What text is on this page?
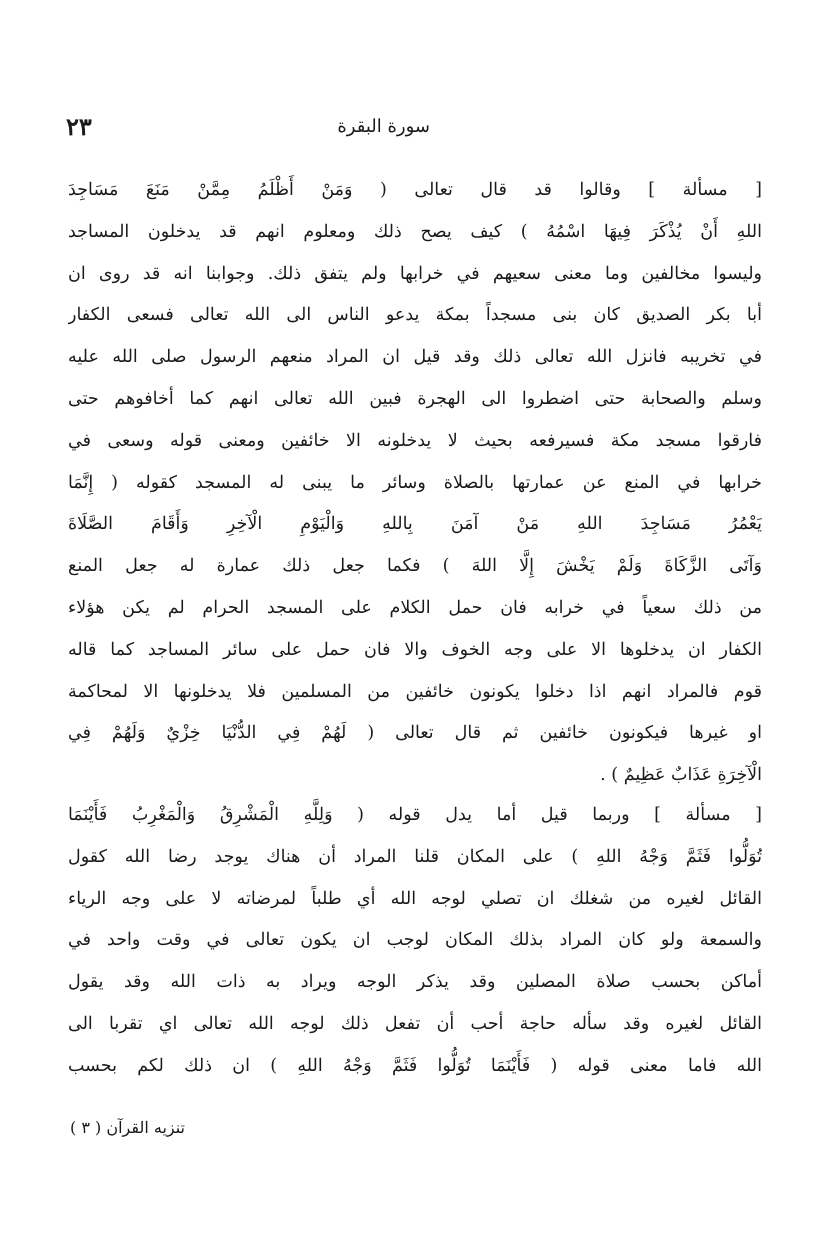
سورة البقرة
٢٣
[ مسألة ] وقالوا قد قال تعالى ( وَمَنْ أَظْلَمُ مِمَّنْ مَنَعَ مَسَاجِدَ
اللهِ أَنْ يُذْكَرَ فِيهَا اسْمُهُ ) كيف يصح ذلك ومعلوم انهم قد يدخلون المساجد
وليسوا مخالفين وما معنى سعيهم في خرابها ولم يتفق ذلك. وجوابنا انه قد روى ان
أبا بكر الصديق كان بنى مسجداً بمكة يدعو الناس الى الله تعالى فسعى الكفار
في تخريبه فانزل الله تعالى ذلك وقد قيل ان المراد منعهم الرسول صلى الله عليه
وسلم والصحابة حتى اضطروا الى الهجرة فبين الله تعالى انهم كما أخافوهم حتى
فارقوا مسجد مكة فسيرفعه بحيث لا يدخلونه الا خائفين ومعنى قوله وسعى في
خرابها في المنع عن عمارتها بالصلاة وسائر ما يبنى له المسجد كقوله ( إِنَّمَا
يَعْمُرُ مَسَاجِدَ اللهِ مَنْ آمَنَ بِاللهِ وَالْيَوْمِ الْآخِرِ وَأَقَامَ الصَّلَاةَ
وَآتَى الزَّكَاةَ وَلَمْ يَخْشَ إِلَّا اللهَ ) فكما جعل ذلك عمارة له جعل المنع
من ذلك سعياً في خرابه فان حمل الكلام على المسجد الحرام لم يكن هؤلاء
الكفار ان يدخلوها الا على وجه الخوف والا فان حمل على سائر المساجد كما قاله
قوم فالمراد انهم اذا دخلوا يكونون خائفين من المسلمين فلا يدخلونها الا لمحاكمة
او غيرها فيكونون خائفين ثم قال تعالى ( لَهُمْ فِي الدُّنْيَا خِزْيٌ وَلَهُمْ فِي
الْآخِرَةِ عَذَابٌ عَظِيمٌ ) .
[ مسألة ] وربما قيل أما يدل قوله ( وَلِلَّهِ الْمَشْرِقُ وَالْمَغْرِبُ فَأَيْنَمَا
تُوَلُّوا فَثَمَّ وَجْهُ اللهِ ) على المكان قلنا المراد أن هناك يوجد رضا الله كقول
القائل لغيره من شغلك ان تصلي لوجه الله أي طلباً لمرضاته لا على وجه الرياء
والسمعة ولو كان المراد بذلك المكان لوجب ان يكون تعالى في وقت واحد في
أماكن بحسب صلاة المصلين وقد يذكر الوجه ويراد به ذات الله وقد يقول
القائل لغيره وقد سأله حاجة أحب أن تفعل ذلك لوجه الله تعالى اي تقربا الى
الله فاما معنى قوله ( فَأَيْنَمَا تُوَلُّوا فَثَمَّ وَجْهُ اللهِ ) ان ذلك لكم بحسب
تنزيه القرآن ( ٣ )
